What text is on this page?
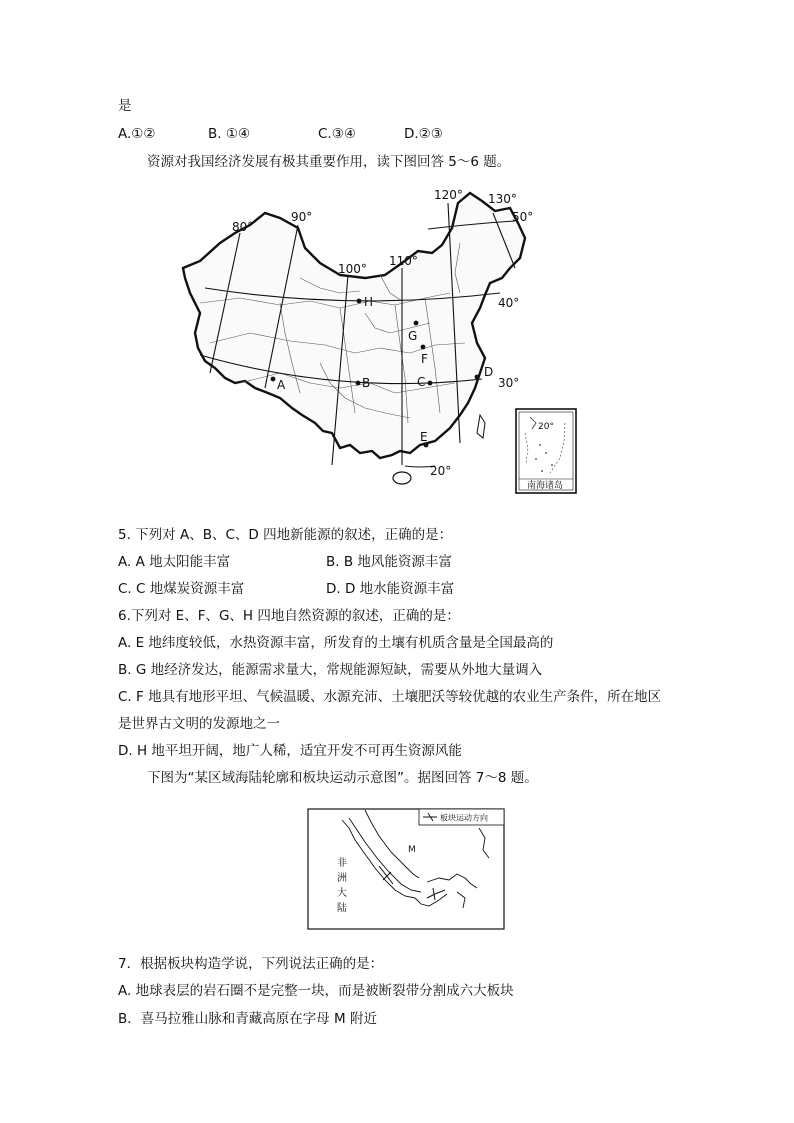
是
A.①②	B. ①④	C.③④	D.②③
资源对我国经济发展有极其重要作用，读下图回答 5～6 题。
80°
90°
100°
110°
120° 130°
50°
40°
30°
20°
A	B	C
D
E
F
G
H
20°
南海诸岛
5. 下列对 A、B、C、D 四地新能源的叙述，正确的是：
A. A 地太阳能丰富	B. B 地风能资源丰富
C. C 地煤炭资源丰富	D. D 地水能资源丰富
6.下列对 E、F、G、H 四地自然资源的叙述，正确的是：
A. E 地纬度较低，水热资源丰富，所发育的土壤有机质含量是全国最高的
B. G 地经济发达，能源需求量大，常规能源短缺，需要从外地大量调入
C. F 地具有地形平坦、气候温暖、水源充沛、土壤肥沃等较优越的农业生产条件，所在地区
是世界古文明的发源地之一
D. H 地平坦开阔，地广人稀，适宜开发不可再生资源风能
下图为“某区域海陆轮廓和板块运动示意图”。据图回答 7～8 题。
板块运动方向
M
非
洲
大
陆
7．根据板块构造学说，下列说法正确的是：
A. 地球表层的岩石圈不是完整一块，而是被断裂带分割成六大板块
B．喜马拉雅山脉和青藏高原在字母 M 附近
